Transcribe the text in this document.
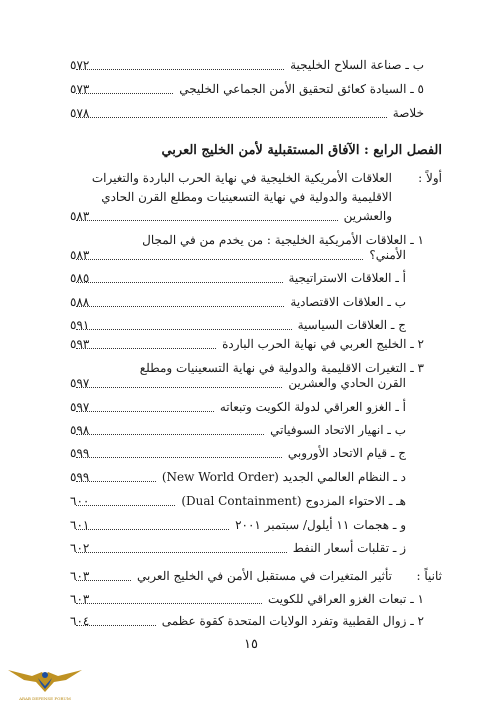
ب ـ صناعة السلاح الخليجية
٥٧٢
٥ ـ السيادة كعائق لتحقيق الأمن الجماعي الخليجي
٥٧٣
خلاصة
٥٧٨
الفصل الرابع : الآفاق المستقبلية لأمن الخليج العربي
أولاً :
العلاقات الأمريكية الخليجية في نهاية الحرب الباردة والتغيرات
الاقليمية والدولية في نهاية التسعينيات ومطلع القرن الحادي
والعشرين
٥٨٣
١ ـ العلاقات الأمريكية الخليجية : من يخدم من في المجال
الأمني؟
٥٨٣
أ ـ العلاقات الاستراتيجية
٥٨٥
ب ـ العلاقات الاقتصادية
٥٨٨
ج ـ العلاقات السياسية
٥٩١
٢ ـ الخليج العربي في نهاية الحرب الباردة
٥٩٣
٣ ـ التغيرات الاقليمية والدولية في نهاية التسعينيات ومطلع
القرن الحادي والعشرين
٥٩٧
أ ـ الغزو العراقي لدولة الكويت وتبعاته
٥٩٧
ب ـ انهيار الاتحاد السوفياتي
٥٩٨
ج ـ قيام الاتحاد الأوروبي
٥٩٩
د ـ النظام العالمي الجديد (New World Order)
٥٩٩
هـ ـ الاحتواء المزدوج (Dual Containment)
٦٠٠
و ـ هجمات ١١ أيلول/ سبتمبر ٢٠٠١
٦٠١
ز ـ تقلبات أسعار النفط
٦٠٢
ثانياً :
تأثير المتغيرات في مستقبل الأمن في الخليج العربي
٦٠٣
١ ـ تبعات الغزو العراقي للكويت
٦٠٣
٢ ـ زوال القطبية وتفرد الولايات المتحدة كقوة عظمى
٦٠٤
١٥
ARAB DEFENSE FORUM
